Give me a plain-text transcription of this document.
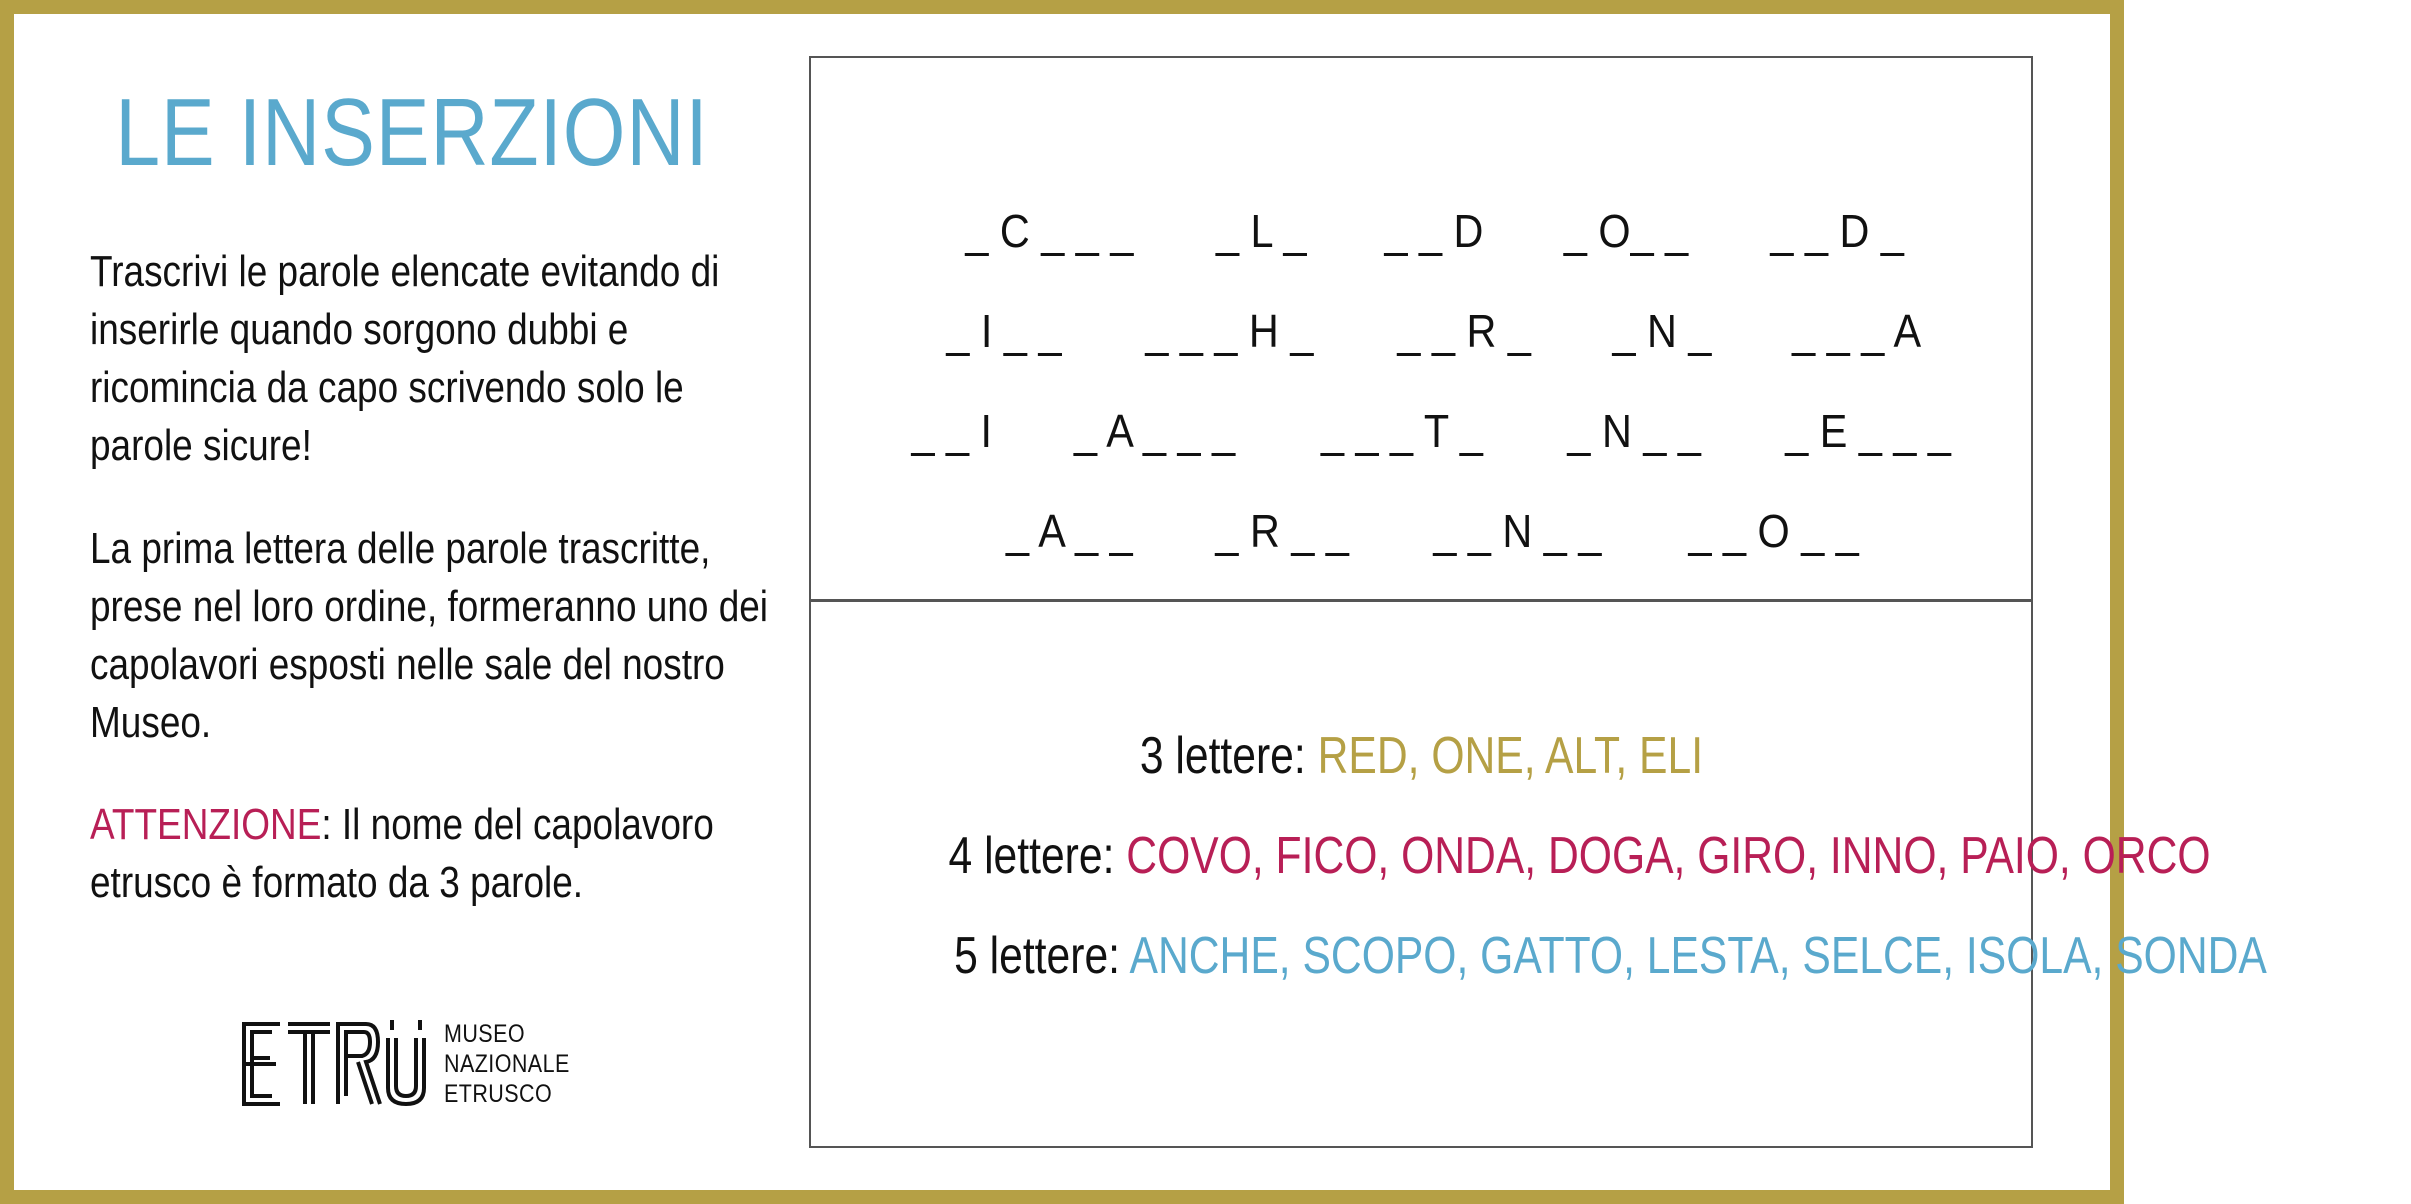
LE INSERZIONI
Trascrivi le parole elencate evitando di inserirle quando sorgono dubbi e ricomincia da capo scrivendo solo le parole sicure!
La prima lettera delle parole trascritte, prese nel loro ordine, formeranno uno dei capolavori esposti nelle sale del nostro Museo.
ATTENZIONE: Il nome del capolavoro etrusco è formato da 3 parole.
MUSEO
NAZIONALE
ETRUSCO

_ C _ _ _ _ L _ _ _ D _ O_ _ _ _ D _

_ I _ _ _ _ _ H _ _ _ R _ _ N _ _ _ _ A

_ _ I _ A _ _ _ _ _ _ T _ _ N _ _ _ E _ _ _

_ A _ _ _ R _ _ _ _ N _ _ _ _ O _ _

3 lettere: RED, ONE, ALT, ELI
4 lettere: COVO, FICO, ONDA, DOGA, GIRO, INNO, PAIO, ORCO
5 lettere: ANCHE, SCOPO, GATTO, LESTA, SELCE, ISOLA, SONDA
